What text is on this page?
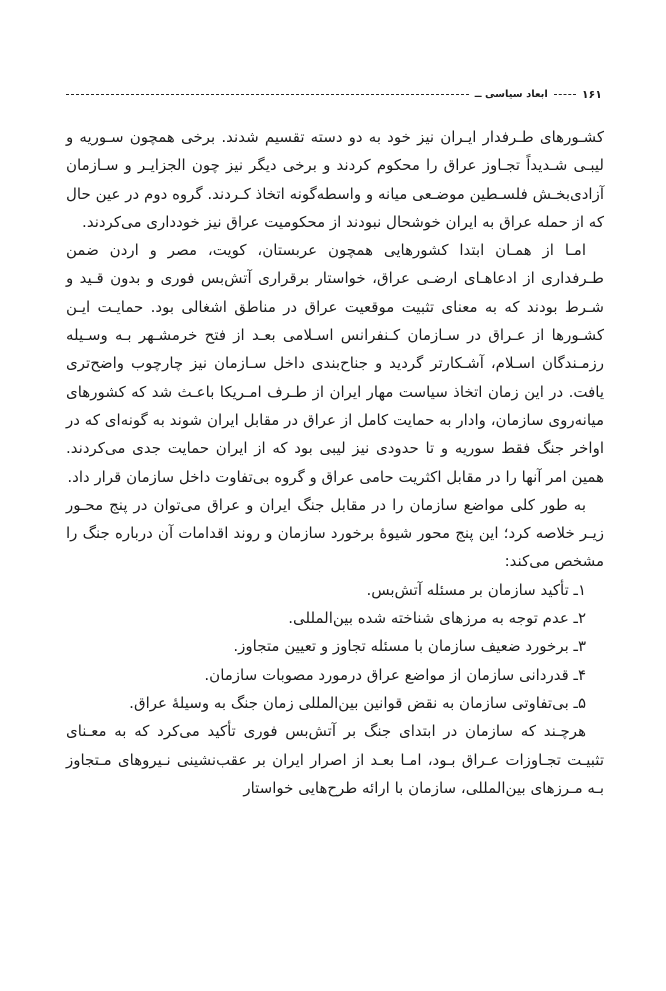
۱۶۱
ابعاد سیاسی ــ

کشـورهای طـرفدار ایـران نیز خود به دو دسته تقسیم شدند. برخی همچون سـوریه و لیبـی شـدیداً تجـاوز عراق را محکوم کردند و برخی دیگر نیز چون الجزایـر و سـازمان آزادی‌بخـش فلسـطین موضـعی میانه و واسطه‌گونه اتخاذ کـردند. گروه دوم در عین حال که از حمله عراق به ایران خوشحال نبودند از محکومیت عراق نیز خودداری می‌کردند.

امـا از همـان ابتدا کشورهایی همچون عربستان، کویت، مصر و اردن ضمن طـرفداری از ادعاهـای ارضـی عراق، خواستار برقراری آتش‌بس فوری و بدون قـید و شـرط بودند که به معنای تثبیت موقعیت عراق در مناطق اشغالی بود. حمایـت ایـن کشـورها از عـراق در سـازمان کـنفرانس اسـلامی بعـد از فتح خرمشـهر بـه وسـیله رزمـندگان اسـلام، آشـکارتر گردید و جناح‌بندی داخل سـازمان نیز چارچوب واضح‌تری یافت. در این زمان اتخاذ سیاست مهار ایران از طـرف امـریکا باعـث شد که کشورهای میانه‌روی سازمان، وادار به حمایت کامل از عراق در مقابل ایران شوند به گونه‌ای که در اواخر جنگ فقط سوریه و تا حدودی نیز لیبی بود که از ایران حمایت جدی می‌کردند. همین امر آنها را در مقابل اکثریت حامی عراق و گروه بی‌تفاوت داخل سازمان قرار داد.

به طور کلی مواضع سازمان را در مقابل جنگ ایران و عراق می‌توان در پنج محـور زیـر خلاصه کرد؛ این پنج محور شیوۀ برخورد سازمان و روند اقدامات آن درباره جنگ را مشخص می‌کند:

۱ـ تأکید سازمان بر مسئله آتش‌بس.

۲ـ عدم توجه به مرزهای شناخته شده بین‌المللی.

۳ـ برخورد ضعیف سازمان با مسئله تجاوز و تعیین متجاوز.

۴ـ قدردانی سازمان از مواضع عراق درمورد مصوبات سازمان.

۵ـ بی‌تفاوتی سازمان به نقض قوانین بین‌المللی زمان جنگ به وسیلۀ عراق.

هرچـند که سازمان در ابتدای جنگ بر آتش‌بس فوری تأکید می‌کرد که به معـنای تثبیـت تجـاوزات عـراق بـود، امـا بعـد از اصرار ایران بر عقب‌نشینی نـیروهای مـتجاوز بـه مـرزهای بین‌المللی، سازمان با ارائه طرح‌هایی خواستار
